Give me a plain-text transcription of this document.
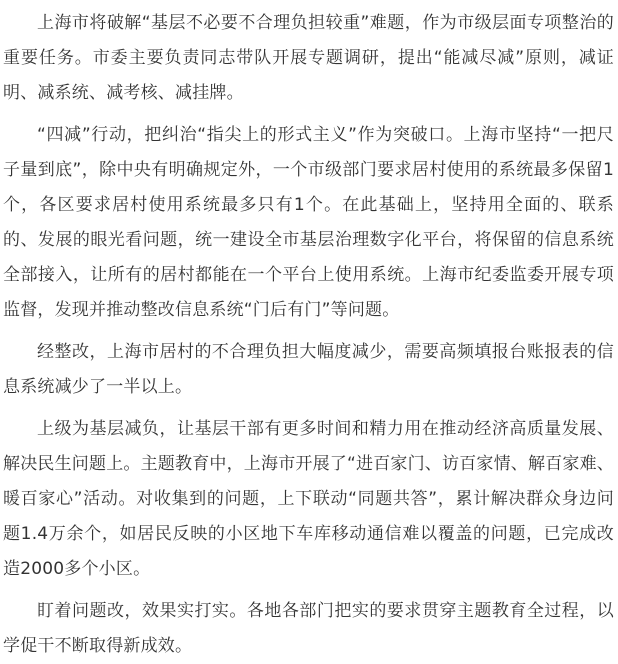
上海市将破解“基层不必要不合理负担较重”难题，作为市级层面专项整治的重要任务。市委主要负责同志带队开展专题调研，提出“能减尽减”原则，减证明、减系统、减考核、减挂牌。

“四减”行动，把纠治“指尖上的形式主义”作为突破口。上海市坚持“一把尺子量到底”，除中央有明确规定外，一个市级部门要求居村使用的系统最多保留1个，各区要求居村使用系统最多只有1个。在此基础上，坚持用全面的、联系的、发展的眼光看问题，统一建设全市基层治理数字化平台，将保留的信息系统全部接入，让所有的居村都能在一个平台上使用系统。上海市纪委监委开展专项监督，发现并推动整改信息系统“门后有门”等问题。

经整改，上海市居村的不合理负担大幅度减少，需要高频填报台账报表的信息系统减少了一半以上。

上级为基层减负，让基层干部有更多时间和精力用在推动经济高质量发展、解决民生问题上。主题教育中，上海市开展了“进百家门、访百家情、解百家难、暖百家心”活动。对收集到的问题，上下联动“同题共答”，累计解决群众身边问题1.4万余个，如居民反映的小区地下车库移动通信难以覆盖的问题，已完成改造2000多个小区。

盯着问题改，效果实打实。各地各部门把实的要求贯穿主题教育全过程，以学促干不断取得新成效。
